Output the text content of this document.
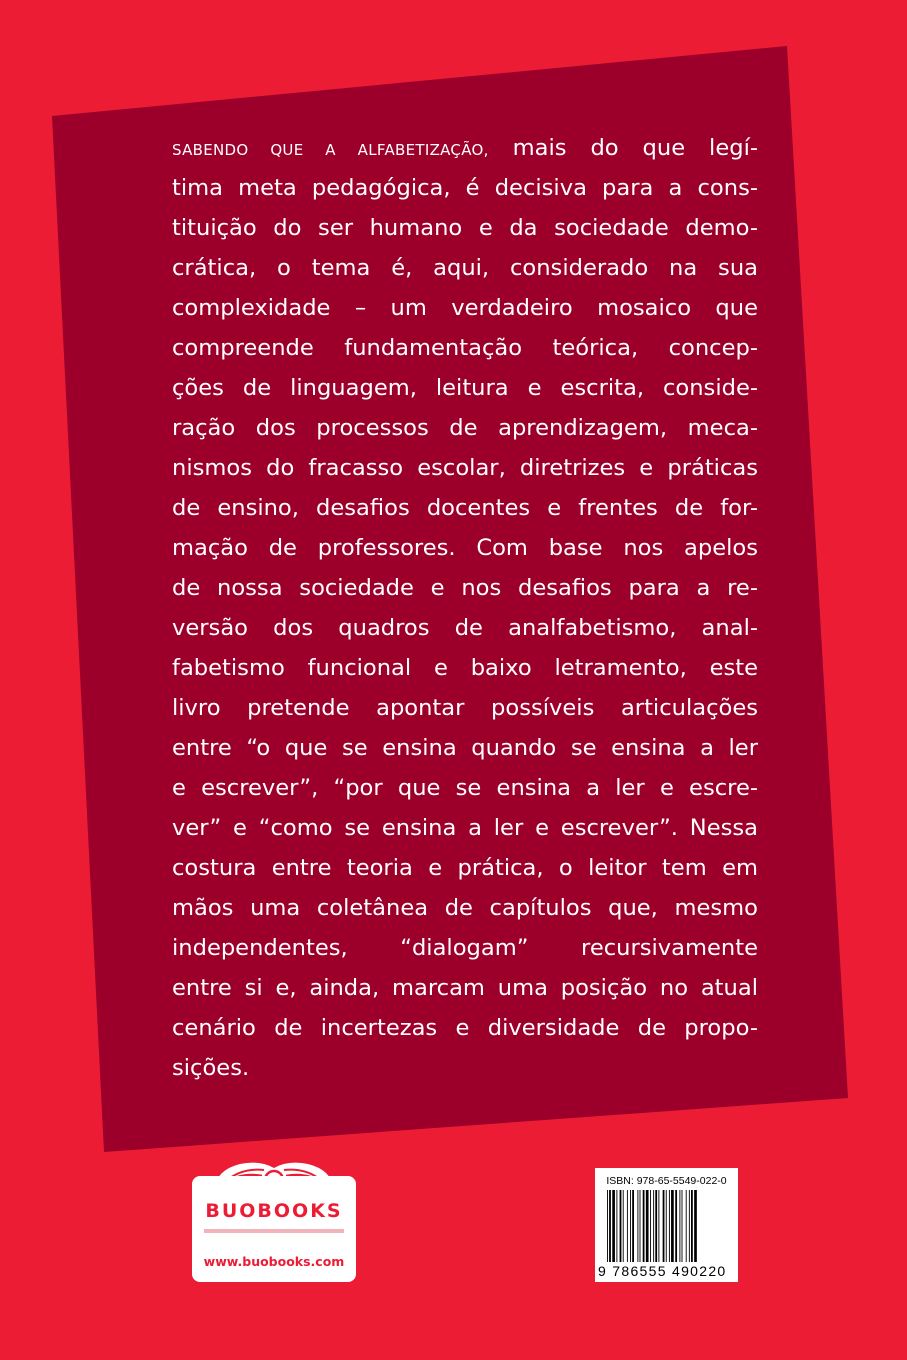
SABENDO QUE A ALFABETIZAÇÃO, mais do que legí-
tima meta pedagógica, é decisiva para a cons-
tituição do ser humano e da sociedade demo-
crática, o tema é, aqui, considerado na sua
complexidade – um verdadeiro mosaico que
compreende fundamentação teórica, concep-
ções de linguagem, leitura e escrita, conside-
ração dos processos de aprendizagem, meca-
nismos do fracasso escolar, diretrizes e práticas
de ensino, desafios docentes e frentes de for-
mação de professores. Com base nos apelos
de nossa sociedade e nos desafios para a re-
versão dos quadros de analfabetismo, anal-
fabetismo funcional e baixo letramento, este
livro pretende apontar possíveis articulações
entre “o que se ensina quando se ensina a ler
e escrever”, “por que se ensina a ler e escre-
ver” e “como se ensina a ler e escrever”. Nessa
costura entre teoria e prática, o leitor tem em
mãos uma coletânea de capítulos que, mesmo
independentes, “dialogam” recursivamente
entre si e, ainda, marcam uma posição no atual
cenário de incertezas e diversidade de propo-
sições.
BUOBOOKS
www.buobooks.com
ISBN: 978-65-5549-022-0
9 786555 490220
